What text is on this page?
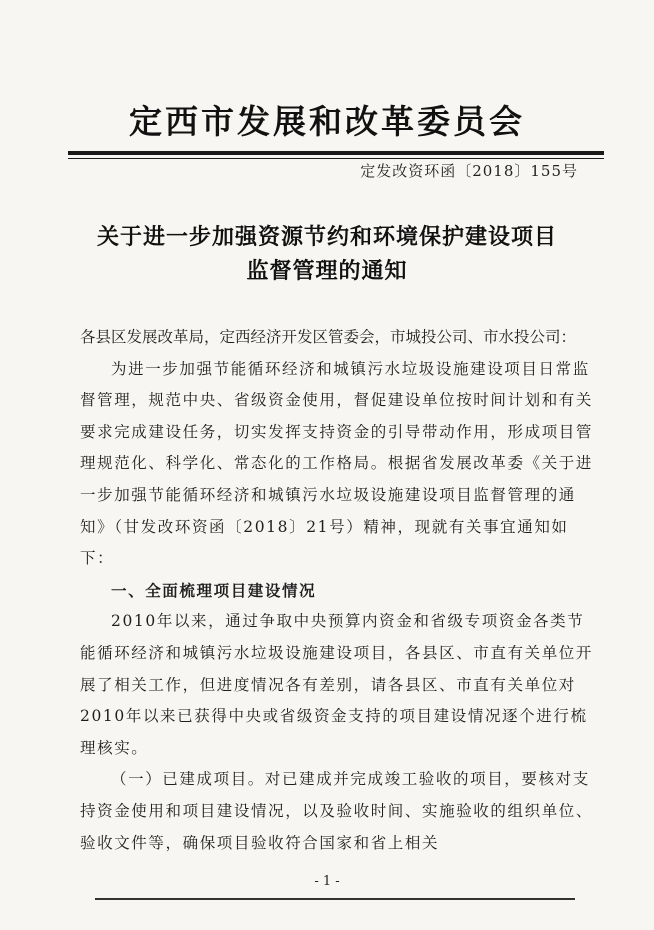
定西市发展和改革委员会
定发改资环函〔2018〕155号
关于进一步加强资源节约和环境保护建设项目
监督管理的通知

各县区发展改革局，定西经济开发区管委会，市城投公司、市水投公司：

为进一步加强节能循环经济和城镇污水垃圾设施建设项目日常监督管理，规范中央、省级资金使用，督促建设单位按时间计划和有关要求完成建设任务，切实发挥支持资金的引导带动作用，形成项目管理规范化、科学化、常态化的工作格局。根据省发展改革委《关于进一步加强节能循环经济和城镇污水垃圾设施建设项目监督管理的通知》（甘发改环资函〔2018〕21号）精神，现就有关事宜通知如下：

一、全面梳理项目建设情况

2010年以来，通过争取中央预算内资金和省级专项资金各类节能循环经济和城镇污水垃圾设施建设项目，各县区、市直有关单位开展了相关工作，但进度情况各有差别，请各县区、市直有关单位对2010年以来已获得中央或省级资金支持的项目建设情况逐个进行梳理核实。

（一）已建成项目。对已建成并完成竣工验收的项目，要核对支持资金使用和项目建设情况，以及验收时间、实施验收的组织单位、验收文件等，确保项目验收符合国家和省上相关

- 1 -
